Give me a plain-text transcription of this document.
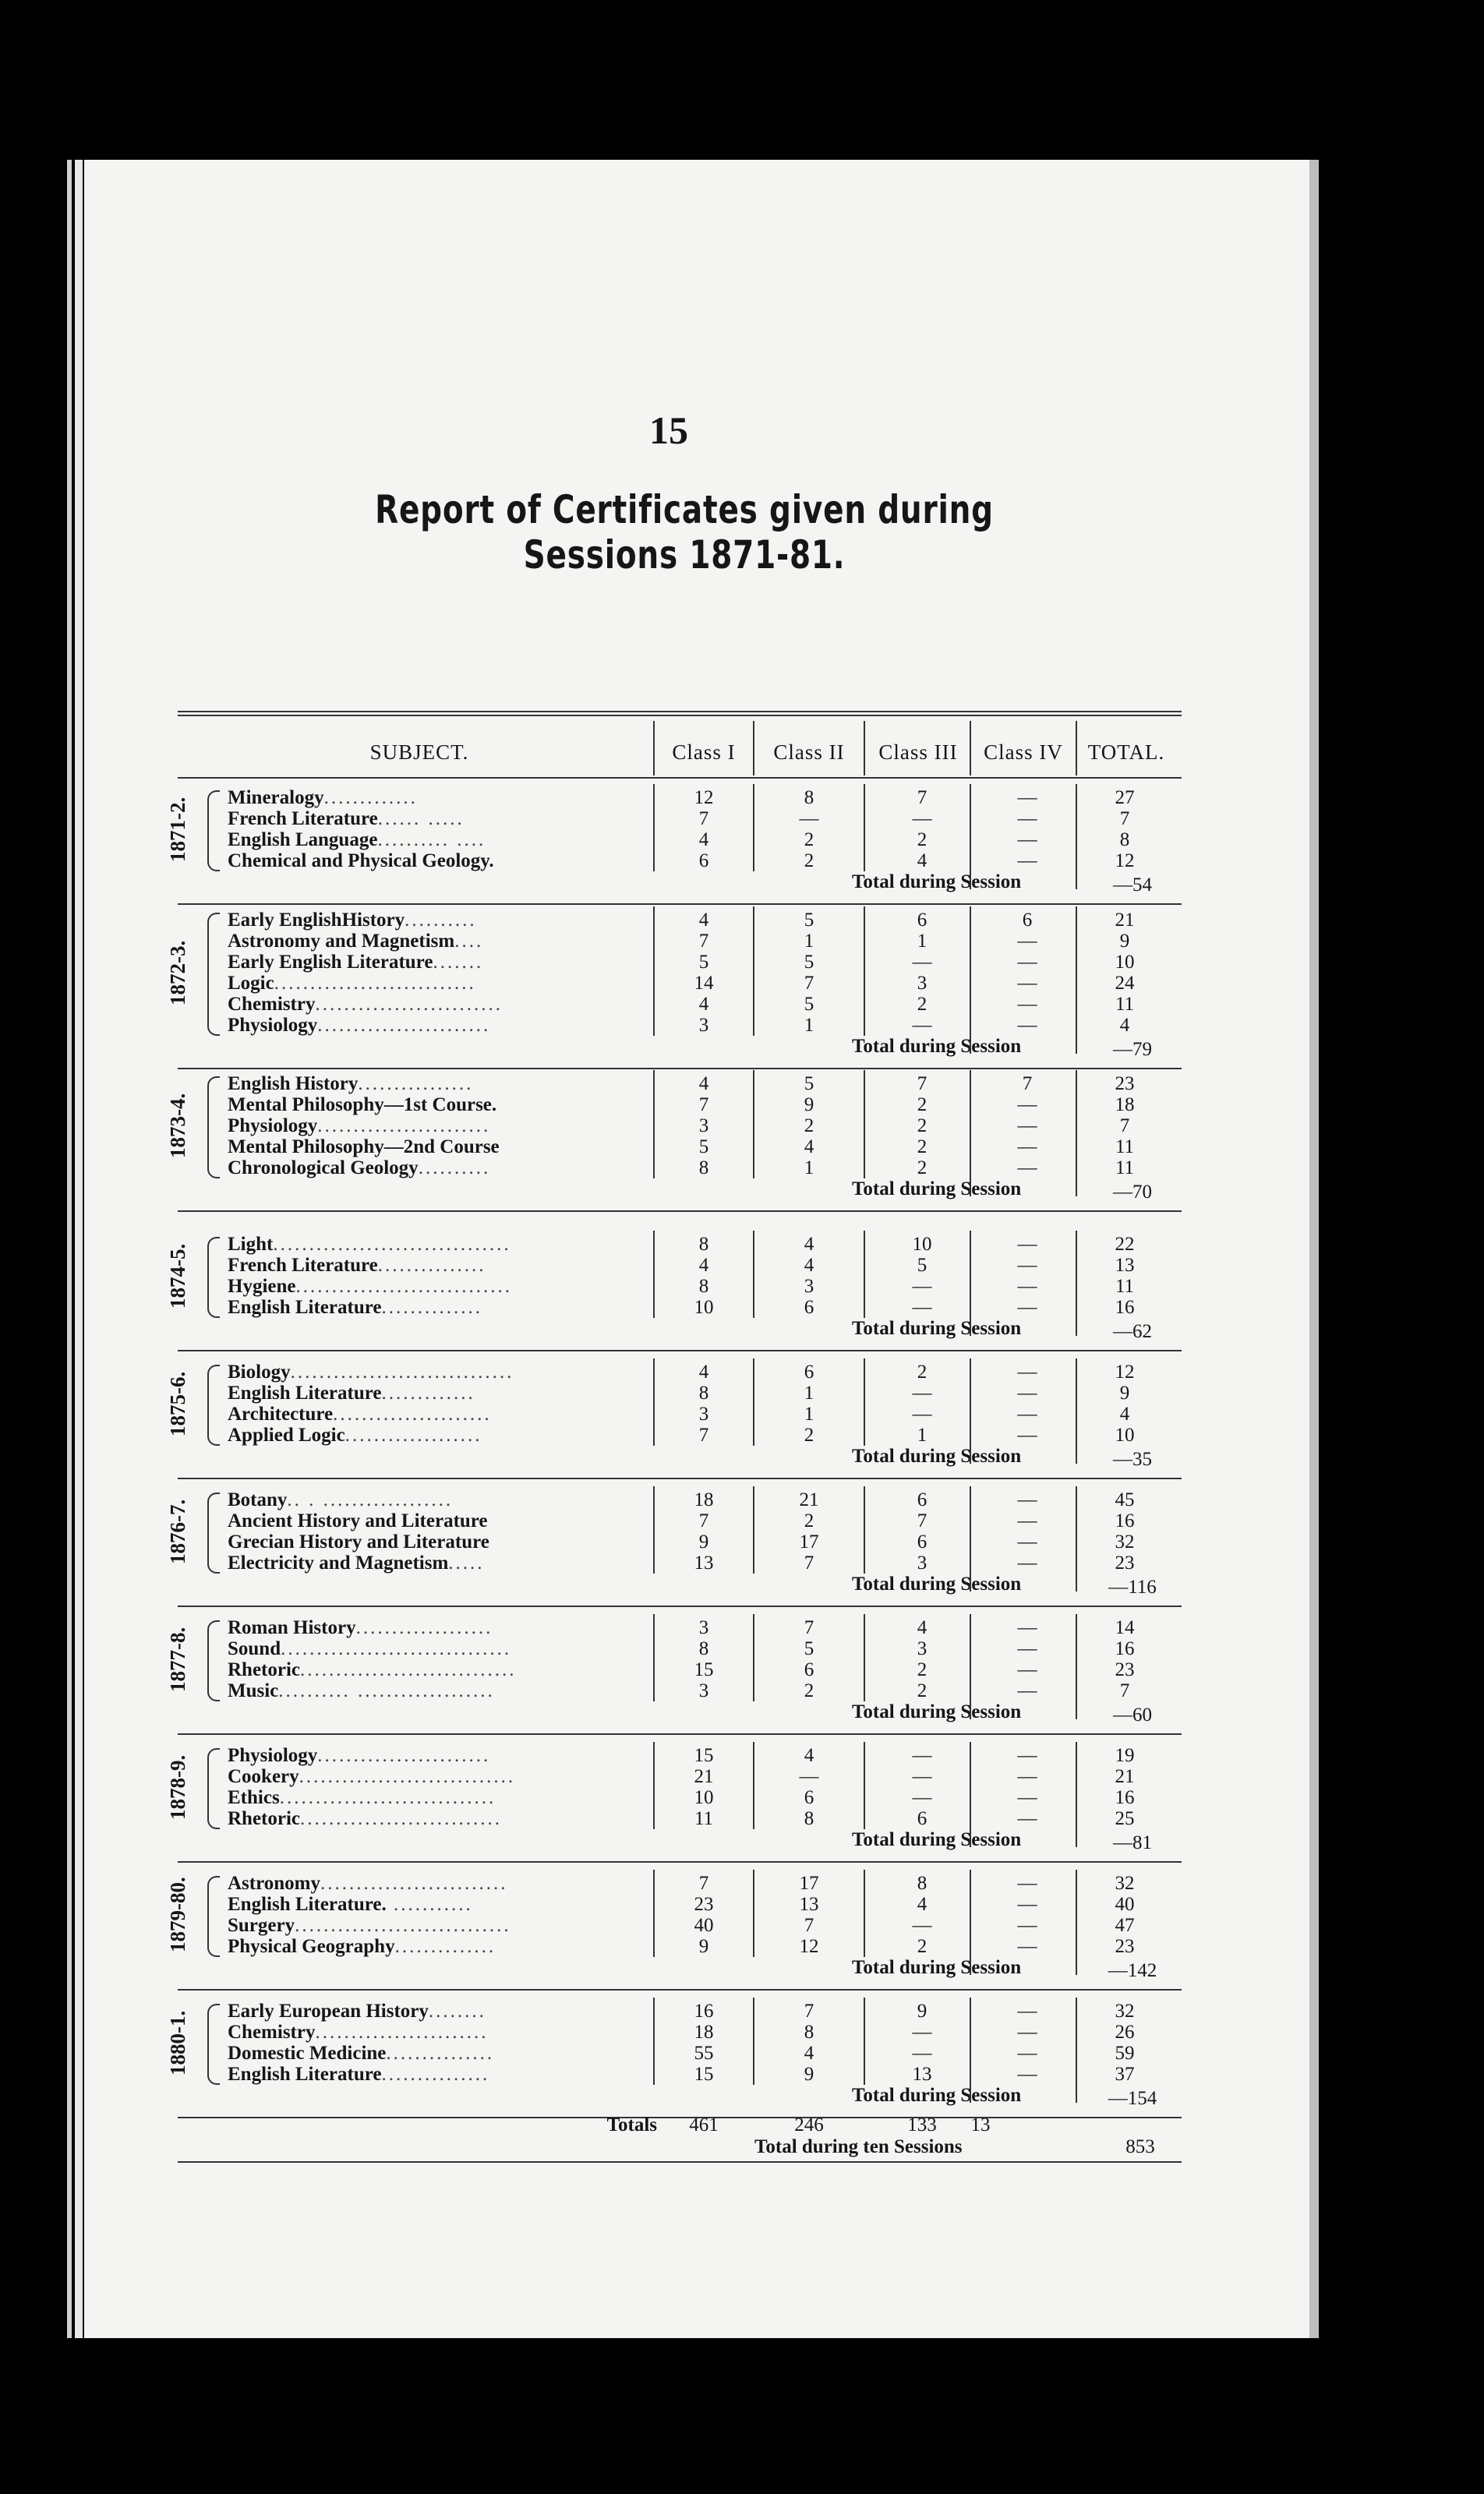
15
Report of Certificates given during Sessions 1871-81.
SUBJECT.	Class I	Class II	Class III	Class IV	TOTAL.
1871-2. Mineralogy.............	12	8	7	—	27
French Literature...... .....	7	—	—	—	7
English Language.......... ....	4	2	2	—	8
Chemical and Physical Geology.	6	2	4	—	12
Total during Session	—54
1872-3.
Early EnglishHistory..........	4	5	6	6	21
Astronomy and Magnetism....	7	1	1	—	9
Early English Literature.......	5	5	—	—	10
Logic............................	14	7	3	—	24
Chemistry..........................	4	5	2	—	11
Physiology........................	3	1	—	—	4
Total during Session	—79
1873-4.
English History................	4	5	7	7	23
Mental Philosophy—1st Course.	7	9	2	—	18
Physiology........................	3	2	2	—	7
Mental Philosophy—2nd Course	5	4	2	—	11
Chronological Geology..........	8	1	2	—	11
Total during Session	—70
1874-5. Light.................................	8	4	10	—	22
French Literature...............	4	4	5	—	13
Hygiene..............................	8	3	—	—	11
English Literature..............	10	6	—	—	16
Total during Session	—62
1875-6. Biology...............................	4	6	2	—	12
English Literature.............	8	1	—	—	9
Architecture......................	3	1	—	—	4
Applied Logic...................	7	2	1	—	10
Total during Session	—35
1876-7. Botany.. . ..................	18	21	6	—	45
Ancient History and Literature	7	2	7	—	16
Grecian History and Literature	9	17	6	—	32
Electricity and Magnetism.....	13	7	3	—	23
Total during Session	—116
1877-8. Roman History...................	3	7	4	—	14
Sound................................	8	5	3	—	16
Rhetoric..............................	15	6	2	—	23
Music.......... ...................	3	2	2	—	7
Total during Session	—60
1878-9. Physiology........................	15	4	—	—	19
Cookery..............................	21	—	—	—	21
Ethics..............................	10	6	—	—	16
Rhetoric............................	11	8	6	—	25
Total during Session	—81
1879-80. Astronomy..........................	7	17	8	—	32
English Literature. ...........	23	13	4	—	40
Surgery..............................	40	7	—	—	47
Physical Geography..............	9	12	2	—	23
Total during Session	—142
1880-1. Early European History........	16	7	9	—	32
Chemistry........................	18	8	—	—	26
Domestic Medicine...............	55	4	—	—	59
English Literature...............	15	9	13	—	37
Total during Session	—154
Totals	461	246	133	13
Total during ten Sessions	853
